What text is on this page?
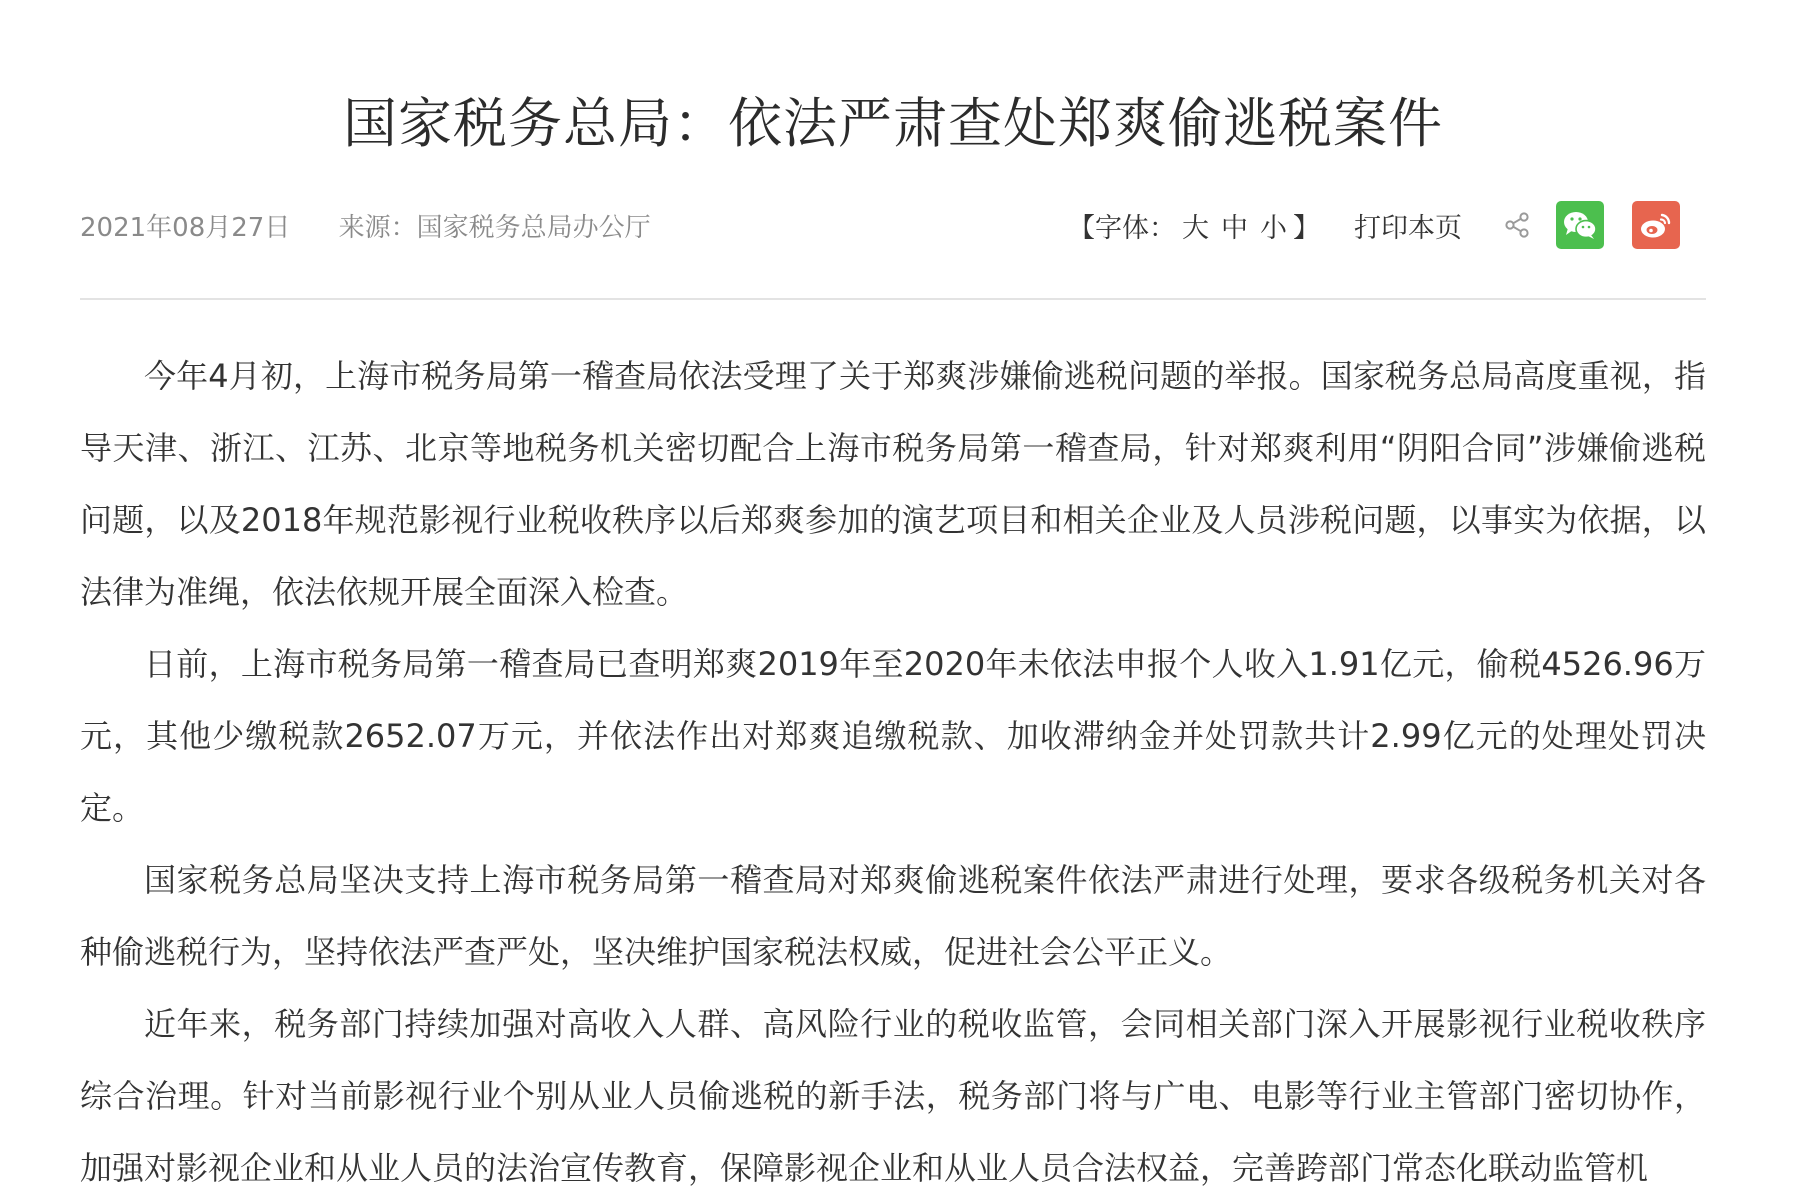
国家税务总局：依法严肃查处郑爽偷逃税案件
2021年08月27日 来源：国家税务总局办公厅	【字体： 大 中 小 】 打印本页

今年4月初，上海市税务局第一稽查局依法受理了关于郑爽涉嫌偷逃税问题的举报。国家税务总局高度重视，指导天津、浙江、江苏、北京等地税务机关密切配合上海市税务局第一稽查局，针对郑爽利用“阴阳合同”涉嫌偷逃税问题，以及2018年规范影视行业税收秩序以后郑爽参加的演艺项目和相关企业及人员涉税问题，以事实为依据，以法律为准绳，依法依规开展全面深入检查。

日前，上海市税务局第一稽查局已查明郑爽2019年至2020年未依法申报个人收入1.91亿元，偷税4526.96万元，其他少缴税款2652.07万元，并依法作出对郑爽追缴税款、加收滞纳金并处罚款共计2.99亿元的处理处罚决定。

国家税务总局坚决支持上海市税务局第一稽查局对郑爽偷逃税案件依法严肃进行处理，要求各级税务机关对各种偷逃税行为，坚持依法严查严处，坚决维护国家税法权威，促进社会公平正义。

近年来，税务部门持续加强对高收入人群、高风险行业的税收监管，会同相关部门深入开展影视行业税收秩序综合治理。针对当前影视行业个别从业人员偷逃税的新手法，税务部门将与广电、电影等行业主管部门密切协作，加强对影视企业和从业人员的法治宣传教育，保障影视企业和从业人员合法权益，完善跨部门常态化联动监管机
